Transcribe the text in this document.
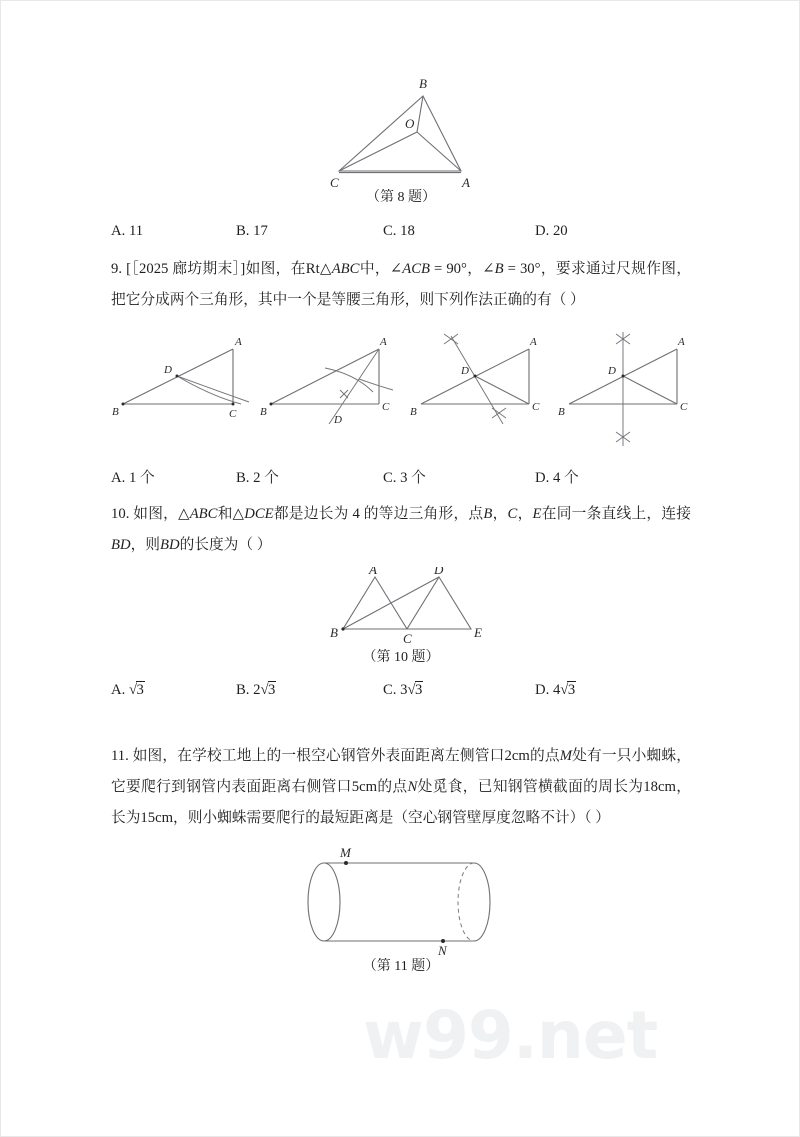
w99.net
B
O
C	A
（第 8 题）
A. 11	B. 17	C. 18	D. 20
9. [［2025 廊坊期末］]如图，在Rt△ABC中，∠ACB = 90°，∠B = 30°，要求通过尺规作图，把它分成两个三角形，其中一个是等腰三角形，则下列作法正确的有（ ）
D
A
B	C
A
B	C
D
D
A
B	C
D
A
B	C
A. 1 个	B. 2 个	C. 3 个	D. 4 个
10. 如图，△ABC和△DCE都是边长为 4 的等边三角形，点B，C，E在同一条直线上，连接BD，则BD的长度为（ ）
A	D
B	C	E
（第 10 题）
A. √3	B. 2√3	C. 3√3	D. 4√3
11. 如图，在学校工地上的一根空心钢管外表面距离左侧管口2cm的点M处有一只小蜘蛛，它要爬行到钢管内表面距离右侧管口5cm的点N处觅食，已知钢管横截面的周长为18cm，长为15cm，则小蜘蛛需要爬行的最短距离是（空心钢管壁厚度忽略不计）（ ）
M
N
（第 11 题）
